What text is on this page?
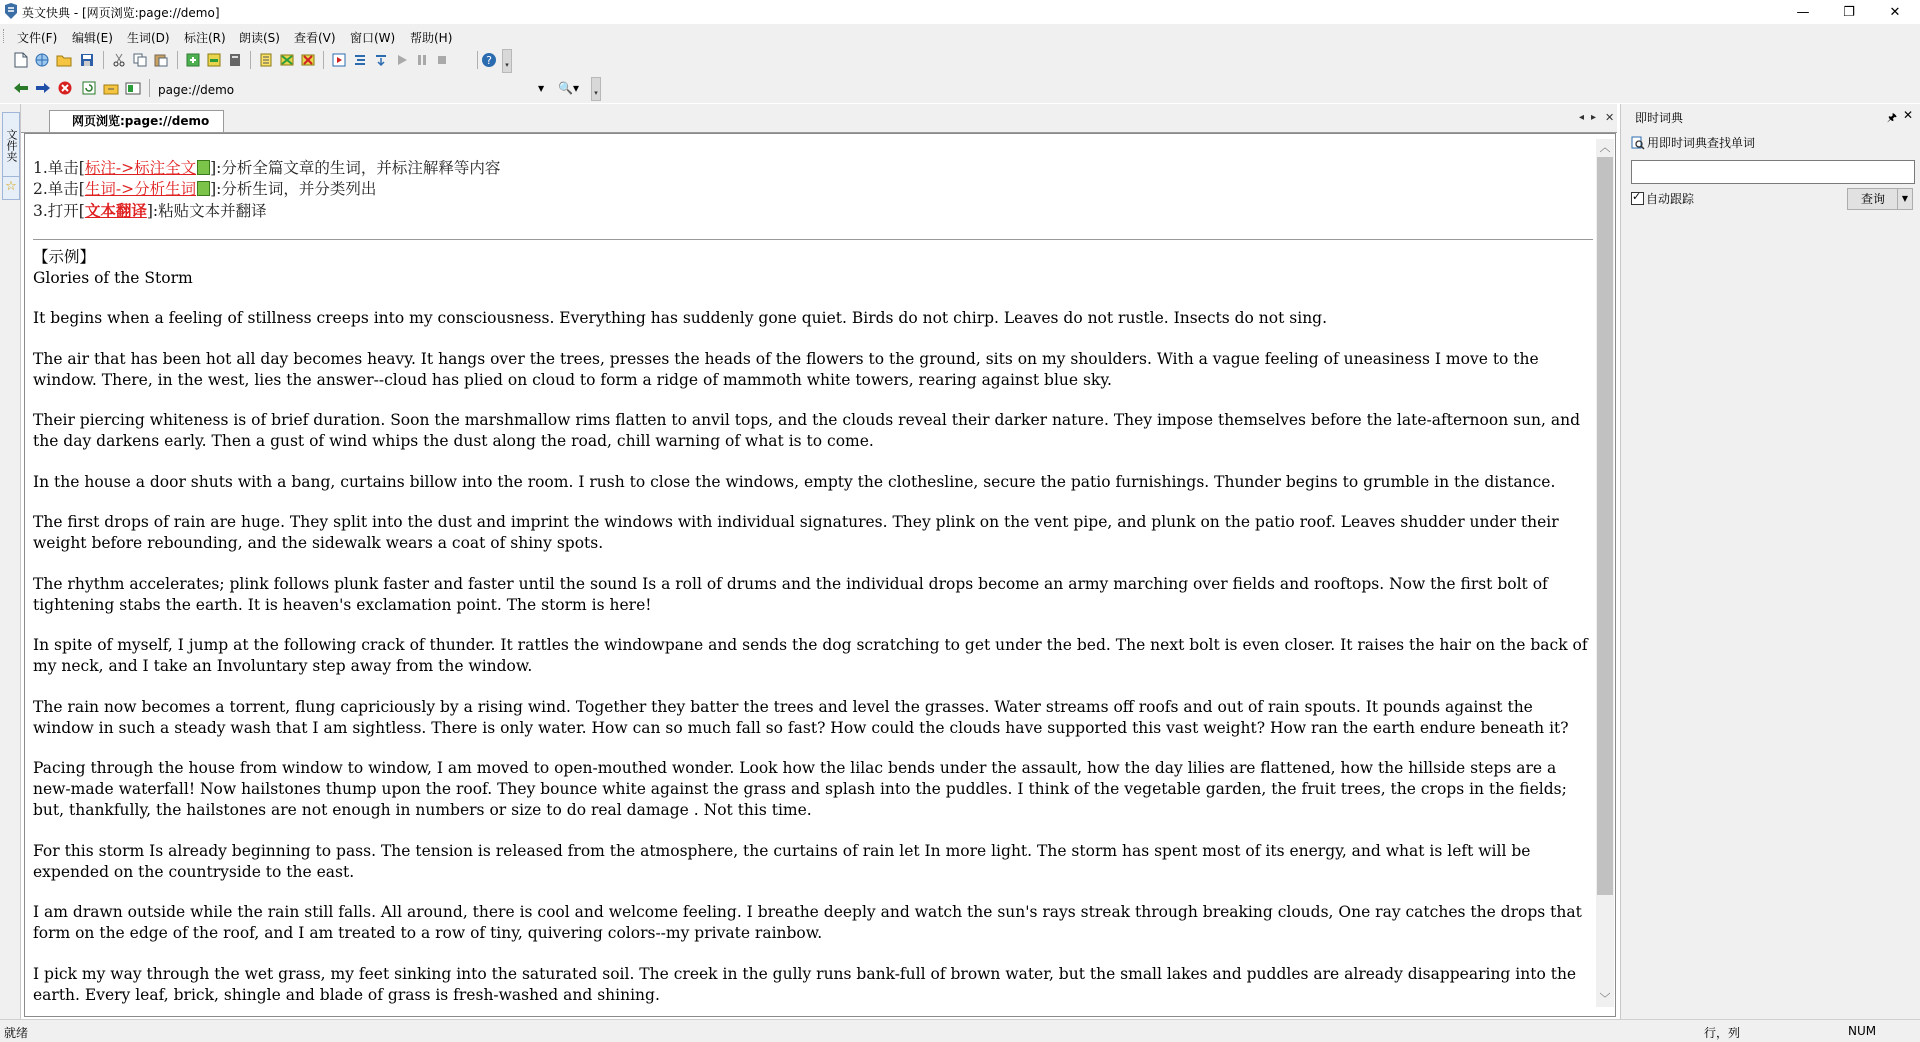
英文快典 - [网页浏览:page://demo]	—	❐	✕
文件(F) 编辑(E) 生词(D) 标注(R) 朗读(S) 查看(V) 窗口(W) 帮助(H)
?	▾
▾
page://demo	▼ 🔍▾
文件夹
☆
网页浏览:page://demo	◂ ▸ ✕
1.单击[标注->标注全文 ]:分析全篇文章的生词，并标注解释等内容
2.单击[生词->分析生词 ]:分析生词，并分类列出
3.打开[文本翻译]:粘贴文本并翻译
【示例】
Glories of the Storm

It begins when a feeling of stillness creeps into my consciousness. Everything has suddenly gone quiet. Birds do not chirp. Leaves do not rustle. Insects do not sing.

The air that has been hot all day becomes heavy. It hangs over the trees, presses the heads of the flowers to the ground, sits on my shoulders. With a vague feeling of uneasiness I move to the window. There, in the west, lies the answer--cloud has plied on cloud to form a ridge of mammoth white towers, rearing against blue sky.

Their piercing whiteness is of brief duration. Soon the marshmallow rims flatten to anvil tops, and the clouds reveal their darker nature. They impose themselves before the late-afternoon sun, and the day darkens early. Then a gust of wind whips the dust along the road, chill warning of what is to come.

In the house a door shuts with a bang, curtains billow into the room. I rush to close the windows, empty the clothesline, secure the patio furnishings. Thunder begins to grumble in the distance.

The first drops of rain are huge. They split into the dust and imprint the windows with individual signatures. They plink on the vent pipe, and plunk on the patio roof. Leaves shudder under their weight before rebounding, and the sidewalk wears a coat of shiny spots.

The rhythm accelerates; plink follows plunk faster and faster until the sound Is a roll of drums and the individual drops become an army marching over fields and rooftops. Now the first bolt of tightening stabs the earth. It is heaven's exclamation point. The storm is here!

In spite of myself, I jump at the following crack of thunder. It rattles the windowpane and sends the dog scratching to get under the bed. The next bolt is even closer. It raises the hair on the back of my neck, and I take an Involuntary step away from the window.

The rain now becomes a torrent, flung capriciously by a rising wind. Together they batter the trees and level the grasses. Water streams off roofs and out of rain spouts. It pounds against the window in such a steady wash that I am sightless. There is only water. How can so much fall so fast? How could the clouds have supported this vast weight? How ran the earth endure beneath it?

Pacing through the house from window to window, I am moved to open-mouthed wonder. Look how the lilac bends under the assault, how the day lilies are flattened, how the hillside steps are a new-made waterfall! Now hailstones thump upon the roof. They bounce white against the grass and splash into the puddles. I think of the vegetable garden, the fruit trees, the crops in the fields; but, thankfully, the hailstones are not enough in numbers or size to do real damage . Not this time.

For this storm Is already beginning to pass. The tension is released from the atmosphere, the curtains of rain let In more light. The storm has spent most of its energy, and what is left will be expended on the countryside to the east.

I am drawn outside while the rain still falls. All around, there is cool and welcome feeling. I breathe deeply and watch the sun's rays streak through breaking clouds, One ray catches the drops that form on the edge of the roof, and I am treated to a row of tiny, quivering colors--my private rainbow.

I pick my way through the wet grass, my feet sinking into the saturated soil. The creek in the gully runs bank-full of brown water, but the small lakes and puddles are already disappearing into the earth. Every leaf, brick, shingle and blade of grass is fresh-washed and shining.

︿
﹀
即时词典	🖈 ✕
用即时词典查找单词
✓自动跟踪	查询	▼
就绪	行，列	NUM
